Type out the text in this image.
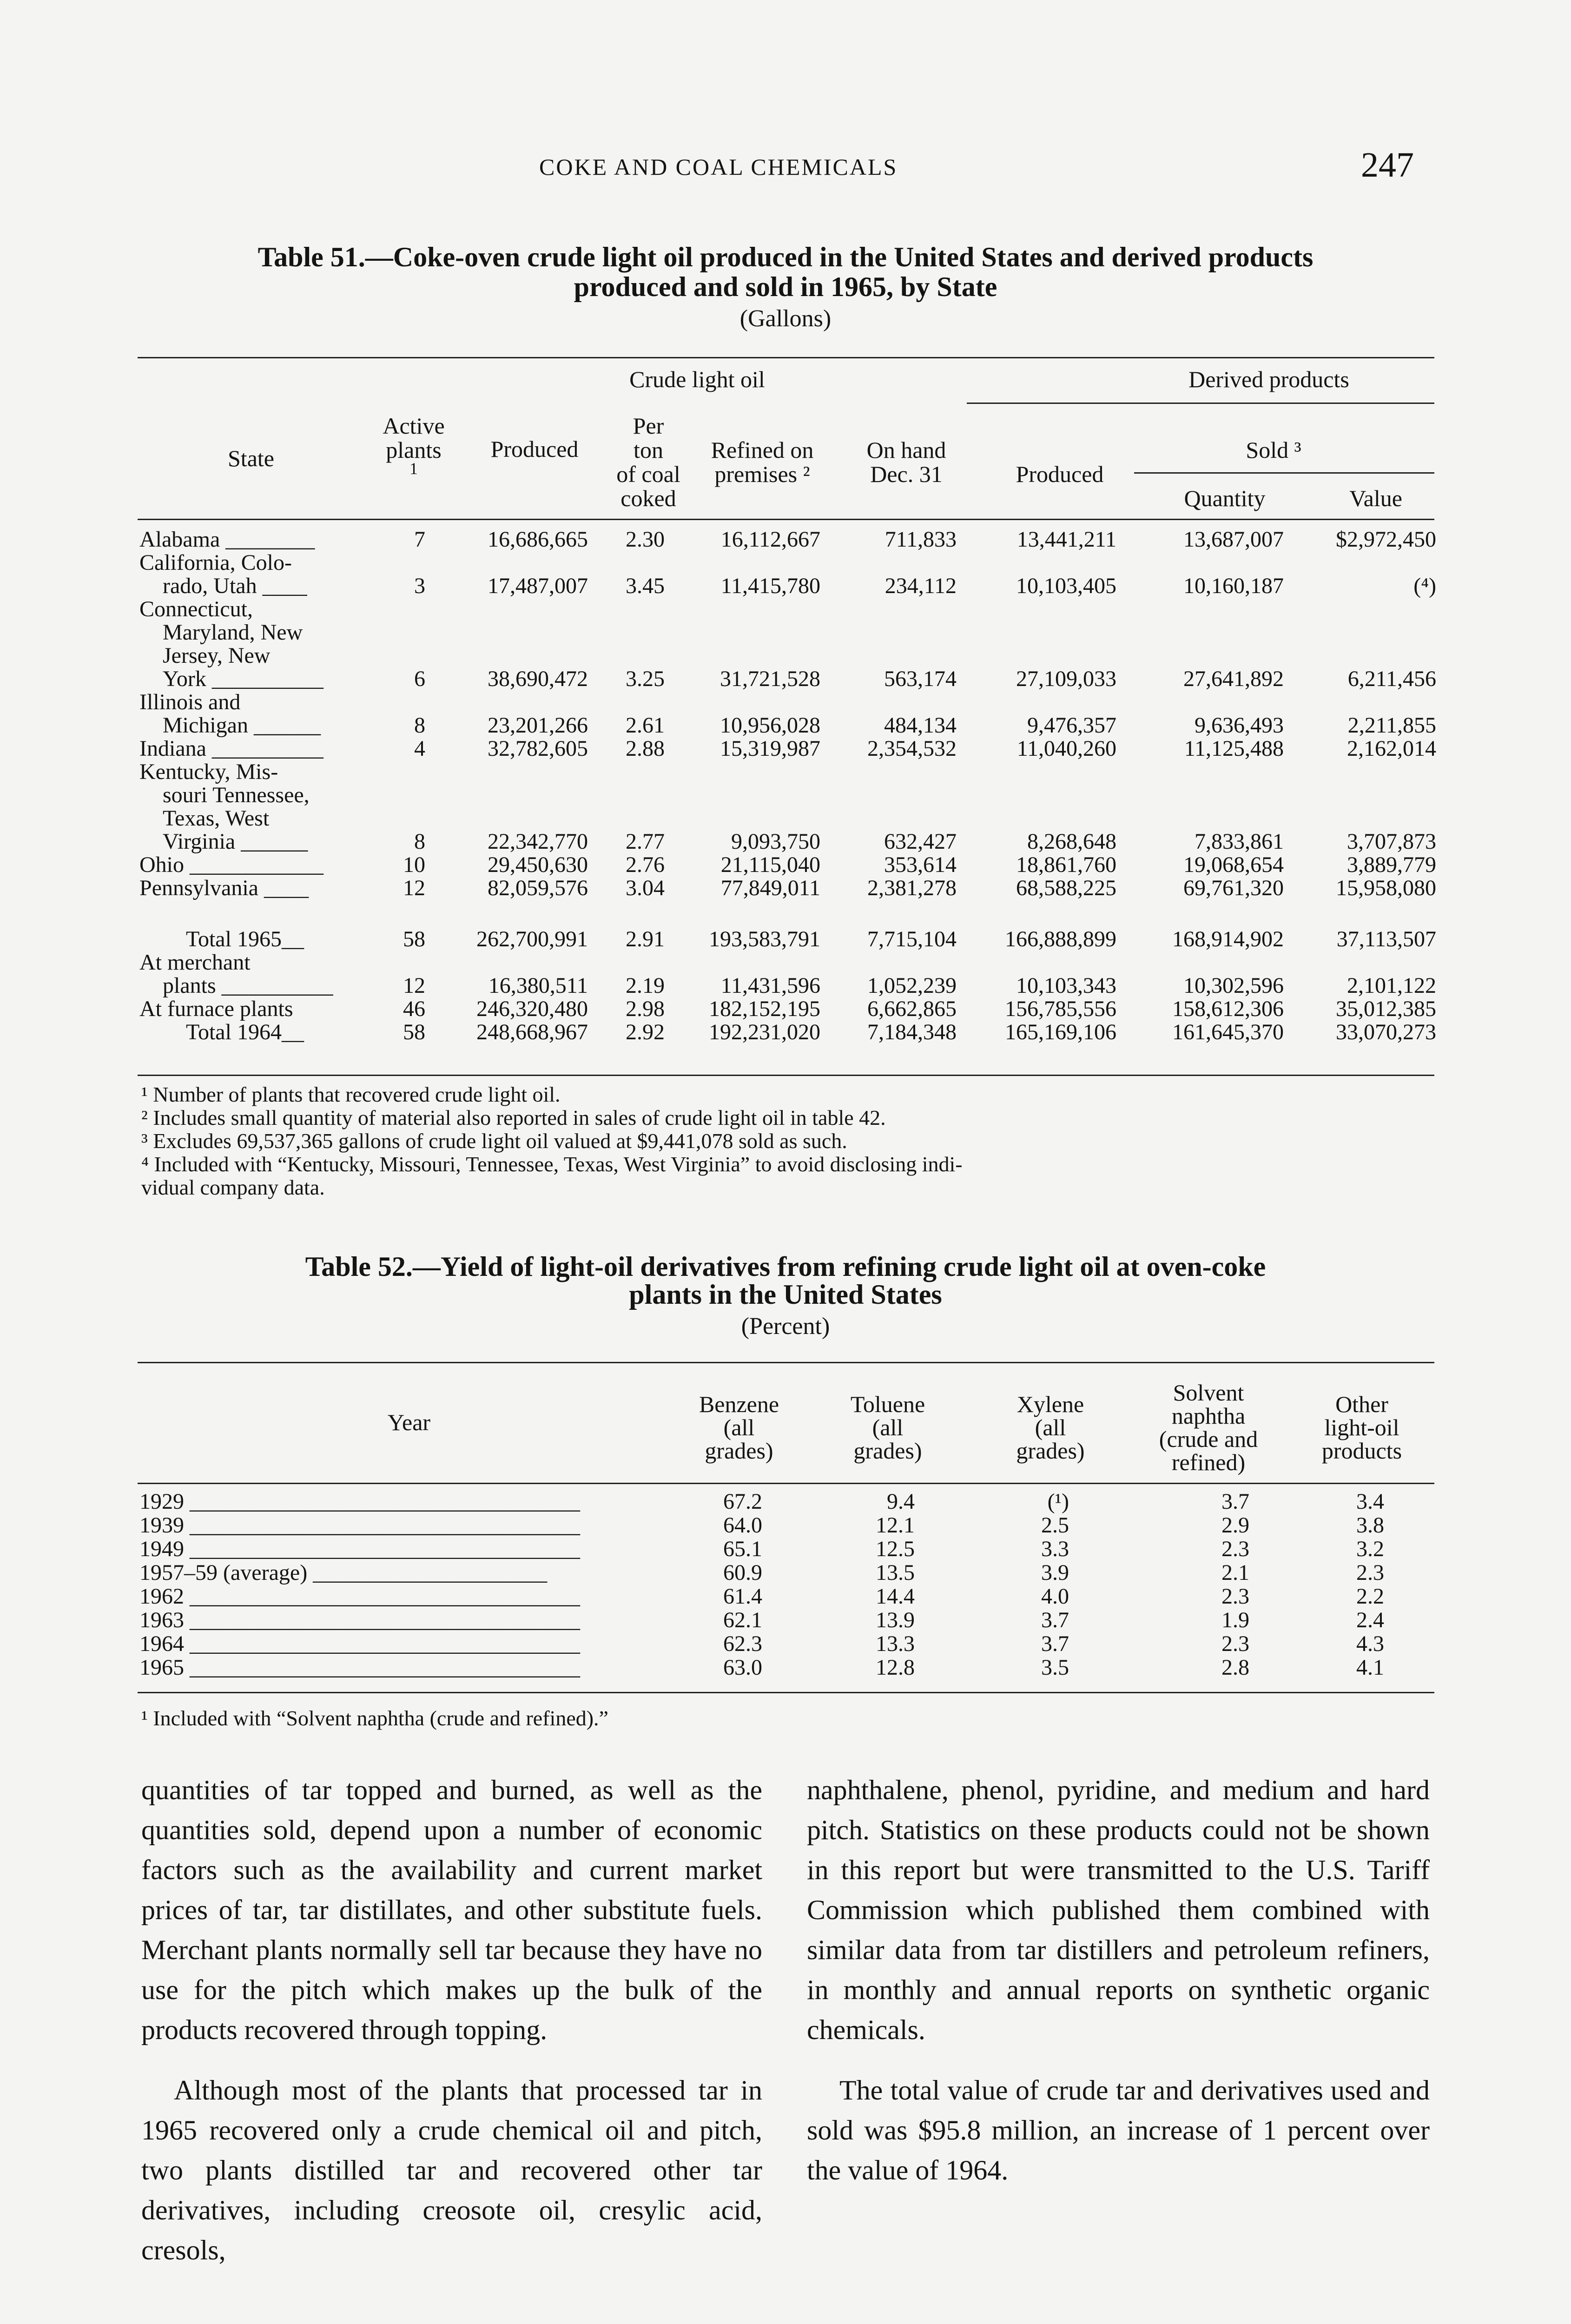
COKE AND COAL CHEMICALS	247
Table 51.—Coke-oven crude light oil produced in the United States and derived products
produced and sold in 1965, by State
(Gallons)
Crude light oil	Derived products
State
Active
plants
1
Produced
Per
ton
of coal
coked
Refined on
premises ²
On hand
Dec. 31	Produced
Sold ³
Quantity	Value
Alabama ________	7	16,686,665	2.30	16,112,667	711,833	13,441,211	13,687,007	$2,972,450
California, Colo-
rado, Utah ____	3	17,487,007	3.45	11,415,780	234,112	10,103,405	10,160,187	(⁴)
Connecticut,
Maryland, New
Jersey, New
York __________	6	38,690,472	3.25	31,721,528	563,174	27,109,033	27,641,892	6,211,456
Illinois and
Michigan ______	8	23,201,266	2.61	10,956,028	484,134	9,476,357	9,636,493	2,211,855
Indiana __________	4	32,782,605	2.88	15,319,987	2,354,532	11,040,260	11,125,488	2,162,014
Kentucky, Mis-
souri Tennessee,
Texas, West
Virginia ______	8	22,342,770	2.77	9,093,750	632,427	8,268,648	7,833,861	3,707,873
Ohio ____________	10	29,450,630	2.76	21,115,040	353,614	18,861,760	19,068,654	3,889,779
Pennsylvania ____	12	82,059,576	3.04	77,849,011	2,381,278	68,588,225	69,761,320	15,958,080
Total 1965__	58	262,700,991	2.91	193,583,791	7,715,104	166,888,899	168,914,902	37,113,507
At merchant
plants __________	12	16,380,511	2.19	11,431,596	1,052,239	10,103,343	10,302,596	2,101,122
At furnace plants	46	246,320,480	2.98	182,152,195	6,662,865	156,785,556	158,612,306	35,012,385
Total 1964__	58	248,668,967	2.92	192,231,020	7,184,348	165,169,106	161,645,370	33,070,273
¹ Number of plants that recovered crude light oil.
² Includes small quantity of material also reported in sales of crude light oil in table 42.
³ Excludes 69,537,365 gallons of crude light oil valued at $9,441,078 sold as such.
⁴ Included with “Kentucky, Missouri, Tennessee, Texas, West Virginia” to avoid disclosing indi-
vidual company data.
Table 52.—Yield of light-oil derivatives from refining crude light oil at oven-coke
plants in the United States
(Percent)
Year
Benzene
(all
grades)
Toluene
(all
grades)
Xylene
(all
grades)
Solvent
naphtha
(crude and
refined)
Other
light-oil
products
1929 ___________________________________	67.2	9.4	(¹)	3.7	3.4
1939 ___________________________________	64.0	12.1	2.5	2.9	3.8
1949 ___________________________________	65.1	12.5	3.3	2.3	3.2
1957–59 (average) _____________________	60.9	13.5	3.9	2.1	2.3
1962 ___________________________________	61.4	14.4	4.0	2.3	2.2
1963 ___________________________________	62.1	13.9	3.7	1.9	2.4
1964 ___________________________________	62.3	13.3	3.7	2.3	4.3
1965 ___________________________________	63.0	12.8	3.5	2.8	4.1
¹ Included with “Solvent naphtha (crude and refined).”

quantities of tar topped and burned, as well as the quantities sold, depend upon a number of economic factors such as the availability and current market prices of tar, tar distillates, and other substitute fuels. Merchant plants normally sell tar because they have no use for the pitch which makes up the bulk of the products recovered through topping.

Although most of the plants that processed tar in 1965 recovered only a crude chemical oil and pitch, two plants distilled tar and recovered other tar derivatives, including creosote oil, cresylic acid, cresols,

naphthalene, phenol, pyridine, and medium and hard pitch. Statistics on these products could not be shown in this report but were transmitted to the U.S. Tariff Commission which published them combined with similar data from tar distillers and petroleum refiners, in monthly and annual reports on synthetic organic chemicals.

The total value of crude tar and derivatives used and sold was $95.8 million, an increase of 1 percent over the value of 1964.
